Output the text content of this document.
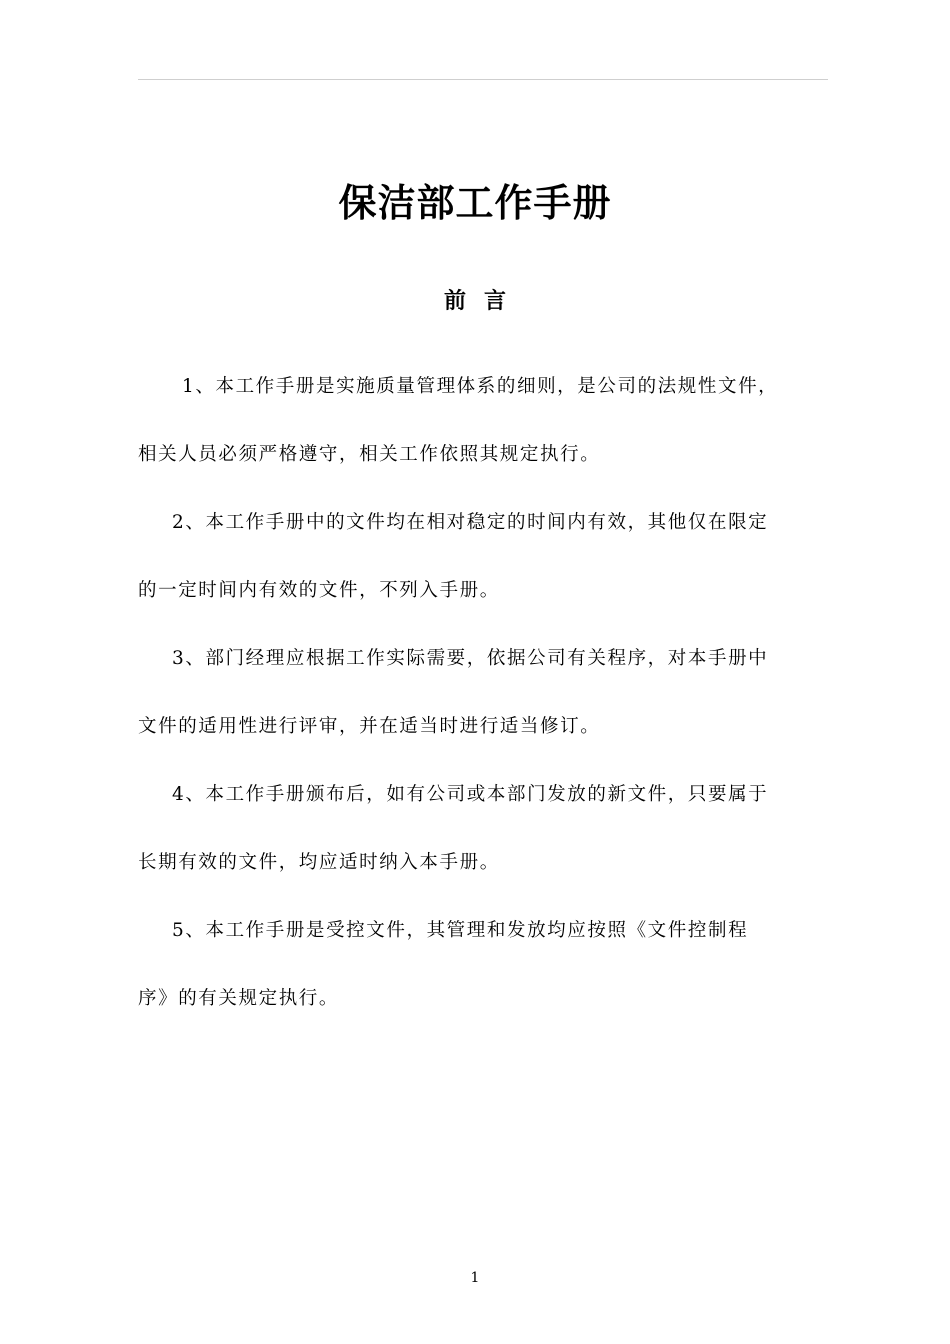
保洁部工作手册
前言

1、本工作手册是实施质量管理体系的细则，是公司的法规性文件，
相关人员必须严格遵守，相关工作依照其规定执行。

2、本工作手册中的文件均在相对稳定的时间内有效，其他仅在限定
的一定时间内有效的文件，不列入手册。

3、部门经理应根据工作实际需要，依据公司有关程序，对本手册中
文件的适用性进行评审，并在适当时进行适当修订。

4、本工作手册颁布后，如有公司或本部门发放的新文件，只要属于
长期有效的文件，均应适时纳入本手册。

5、本工作手册是受控文件，其管理和发放均应按照《文件控制程
序》的有关规定执行。

1
